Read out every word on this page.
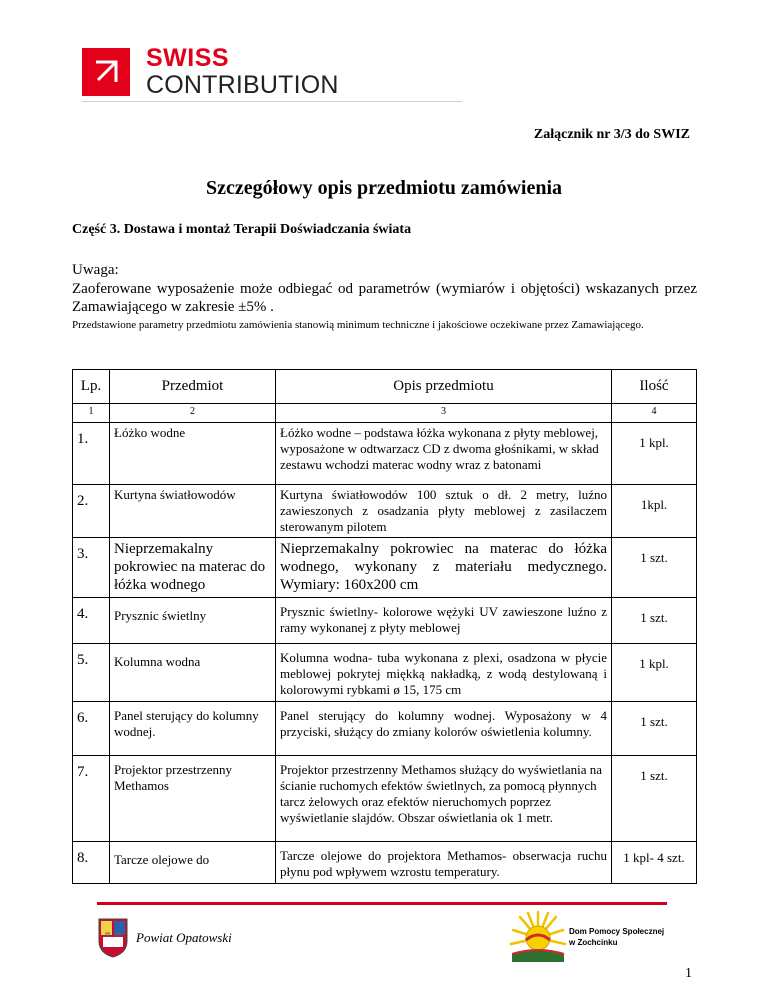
SWISS
CONTRIBUTION
Załącznik nr 3/3 do SWIZ
Szczegółowy opis przedmiotu zamówienia
Część 3. Dostawa i montaż Terapii Doświadczania świata
Uwaga:
Zaoferowane wyposażenie może odbiegać od parametrów (wymiarów i objętości) wskazanych przez Zamawiającego w zakresie ±5% .
Przedstawione parametry przedmiotu zamówienia stanowią minimum techniczne i jakościowe oczekiwane przez Zamawiającego.
Lp.	Przedmiot	Opis przedmiotu	Ilość
1	2	3	4
1.	Łóżko wodne	Łóżko wodne – podstawa łóżka wykonana z płyty meblowej, wyposażone w odtwarzacz CD z dwoma głośnikami, w skład zestawu wchodzi materac wodny wraz z batonami	1 kpl.
2.	Kurtyna światłowodów	Kurtyna światłowodów 100 sztuk o dł. 2 metry, luźno zawieszonych z osadzania płyty meblowej z zasilaczem sterowanym pilotem	1kpl.
3.	Nieprzemakalny pokrowiec na materac do łóżka wodnego	Nieprzemakalny pokrowiec na materac do łóżka wodnego, wykonany z materiału medycznego. Wymiary: 160x200 cm	1 szt.
4.	Prysznic świetlny	Prysznic świetlny- kolorowe wężyki UV zawieszone luźno z ramy wykonanej z płyty meblowej	1 szt.
5.	Kolumna wodna	Kolumna wodna- tuba wykonana z plexi, osadzona w płycie meblowej pokrytej miękką nakładką, z wodą destylowaną i kolorowymi rybkami ø 15, 175 cm	1 kpl.
6.	Panel sterujący do kolumny wodnej.	Panel sterujący do kolumny wodnej. Wyposażony w 4 przyciski, służący do zmiany kolorów oświetlenia kolumny.	1 szt.
7.	Projektor przestrzenny Methamos	Projektor przestrzenny Methamos służący do wyświetlania na ścianie ruchomych efektów świetlnych, za pomocą płynnych tarcz żelowych oraz efektów nieruchomych poprzez wyświetlanie slajdów. Obszar oświetlania ok 1 metr.	1 szt.
8.	Tarcze olejowe do	Tarcze olejowe do projektora Methamos- obserwacja ruchu płynu pod wpływem wzrostu temperatury.	1 kpl- 4 szt.
Powiat Opatowski	Dom Pomocy Społecznej
w Zochcinku
1
